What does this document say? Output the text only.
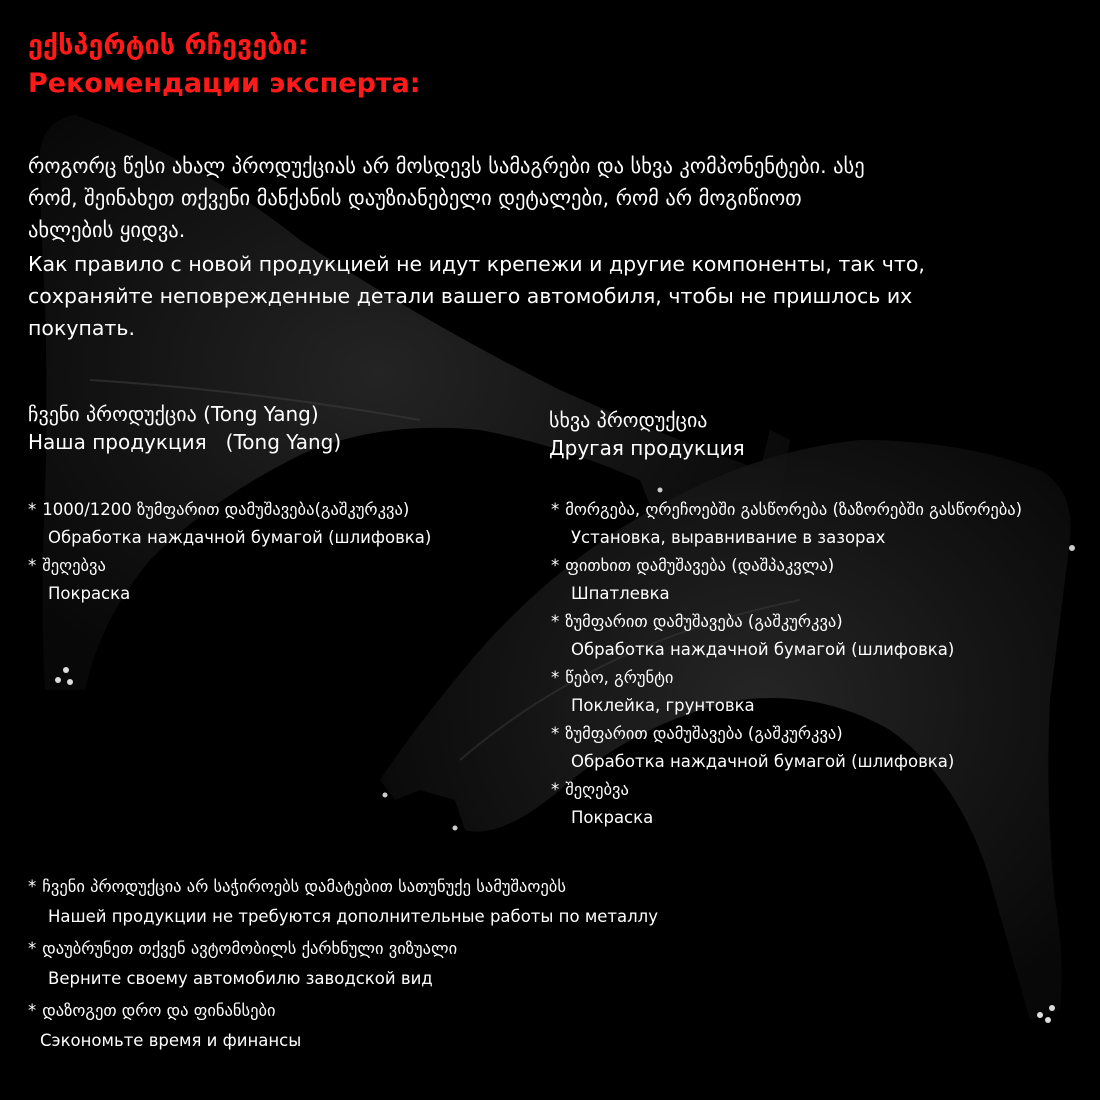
ექსპერტის რჩევები:
Рекомендации эксперта:
როგორც წესი ახალ პროდუქციას არ მოსდევს სამაგრები და სხვა კომპონენტები. ასე
რომ, შეინახეთ თქვენი მანქანის დაუზიანებელი დეტალები, რომ არ მოგიწიოთ
ახლების ყიდვა.
Как правило с новой продукцией не идут крепежи и другие компоненты, так что,
сохраняйте неповрежденные детали вашего автомобиля, чтобы не пришлось их
покупать.
ჩვენი პროდუქცია (Tong Yang)
Наша продукция   (Tong Yang)
სხვა პროდუქცია
Другая продукция
* 1000/1200 ზუმფარით დამუშავება(გაშკურკვა)
Обработка наждачной бумагой (шлифовка)
* შეღებვა
Покраска
* მორგება, ღრეჩოებში გასწორება (ზაზორებში გასწორება)
Установка, выравнивание в зазорах
* ფითხით დამუშავება (დაშპაკვლა)
Шпатлевка
* ზუმფარით დამუშავება (გაშკურკვა)
Обработка наждачной бумагой (шлифовка)
* წებო, გრუნტი
Поклейка, грунтовка
* ზუმფარით დამუშავება (გაშკურკვა)
Обработка наждачной бумагой (шлифовка)
* შეღებვა
Покраска
* ჩვენი პროდუქცია არ საჭიროებს დამატებით სათუნუქე სამუშაოებს
Нашей продукции не требуются дополнительные работы по металлу
* დაუბრუნეთ თქვენ ავტომობილს ქარხნული ვიზუალი
Верните своему автомобилю заводской вид
* დაზოგეთ დრო და ფინანსები
Сэкономьте время и финансы
